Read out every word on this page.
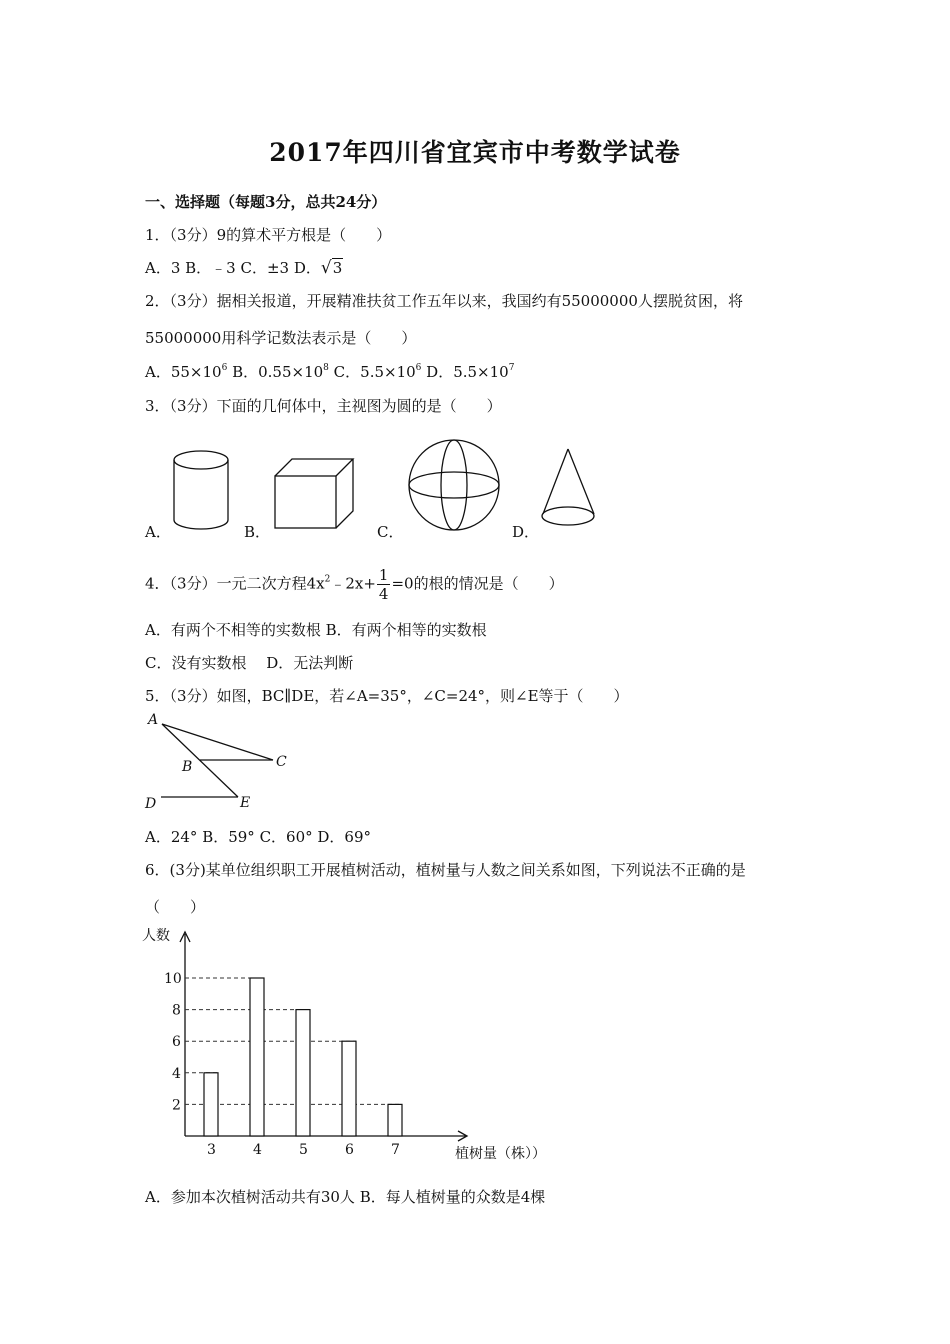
2017年四川省宜宾市中考数学试卷
一、选择题（每题3分，总共24分）
1．（3分）9的算术平方根是（　　）
A．3 B．﹣3 C．±3 D．√3
2．（3分）据相关报道，开展精准扶贫工作五年以来，我国约有55000000人摆脱贫困，将
55000000用科学记数法表示是（　　）
A．$55\times 10^6$ B．$0.55\times 10^8$ C．$5.5\times 10^6$ D．$5.5\times 10^7$
3．（3分）下面的几何体中，主视图为圆的是（　　）
A．	B．	C．	D．
4．（3分）一元二次方程$4x^2﹣2x+ \frac{1}{4} =0$的根的情况是（　　）
A．有两个不相等的实数根 B．有两个相等的实数根
C．没有实数根　 D．无法判断
5．（3分）如图，BC∥DE，若∠A=35°，∠C=24°，则∠E等于（　　）
A
B	C
D	E
A．24° B．59° C．60° D．69°
6．(3分)某单位组织职工开展植树活动，植树量与人数之间关系如图，下列说法不正确的是
（　　）
人数
植树量（株））
3	4	5	6	7
2
4
6
8
10
A．参加本次植树活动共有30人 B．每人植树量的众数是4棵
